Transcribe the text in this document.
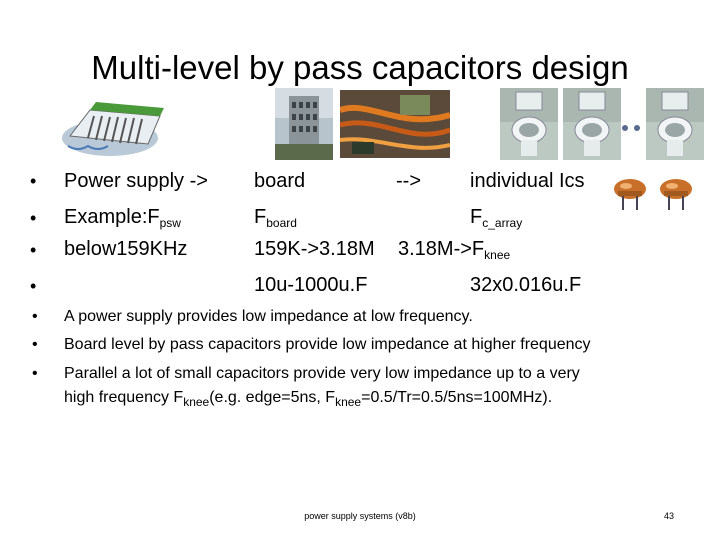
Multi-level by pass capacitors design
•
•
•
•
Power supply ->
$Example:F_{psw}$
below159KHz
board
$F_{board}$
159K->3.18M
10u-1000u.F
-->
$3.18M->F_{knee}$
individual Ics
$F_{c\_array}$
32x0.016u.F
• A power supply provides low impedance at low frequency.
• Board level by pass capacitors provide low impedance at higher frequency
• Parallel a lot of small capacitors provide very low impedance up to a very
high frequency $F_{knee}(e.g$. edge=5ns, $F_{knee}=0.5/Tr=0.5/5ns=100MHz$).
power supply systems (v8b)	43
